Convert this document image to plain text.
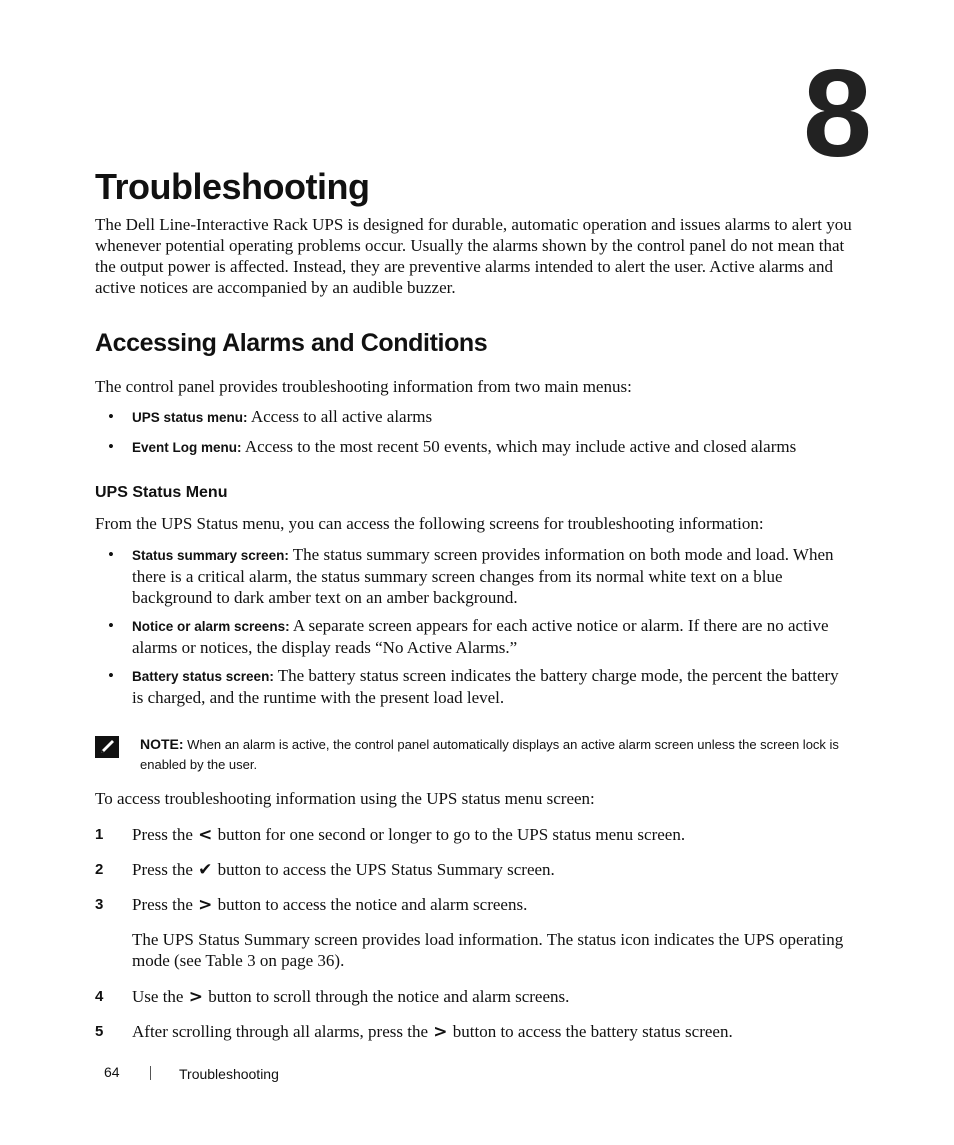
8
Troubleshooting

The Dell Line-Interactive Rack UPS is designed for durable, automatic operation and issues alarms to alert you whenever potential operating problems occur. Usually the alarms shown by the control panel do not mean that the output power is affected. Instead, they are preventive alarms intended to alert the user. Active alarms and active notices are accompanied by an audible buzzer.

Accessing Alarms and Conditions

The control panel provides troubleshooting information from two main menus:

• UPS status menu: Access to all active alarms
• Event Log menu: Access to the most recent 50 events, which may include active and closed alarms
UPS Status Menu

From the UPS Status menu, you can access the following screens for troubleshooting information:

• Status summary screen: The status summary screen provides information on both mode and load. When there is a critical alarm, the status summary screen changes from its normal white text on a blue background to dark amber text on an amber background.
• Notice or alarm screens: A separate screen appears for each active notice or alarm. If there are no active alarms or notices, the display reads “No Active Alarms.”
• Battery status screen: The battery status screen indicates the battery charge mode, the percent the battery is charged, and the runtime with the present load level.
NOTE: When an alarm is active, the control panel automatically displays an active alarm screen unless the screen lock is enabled by the user.

To access troubleshooting information using the UPS status menu screen:

1 Press the < button for one second or longer to go to the UPS status menu screen.
2 Press the ✔ button to access the UPS Status Summary screen.
3 Press the > button to access the notice and alarm screens.
The UPS Status Summary screen provides load information. The status icon indicates the UPS operating mode (see Table 3 on page 36).
4 Use the > button to scroll through the notice and alarm screens.
5 After scrolling through all alarms, press the > button to access the battery status screen.
64	Troubleshooting
